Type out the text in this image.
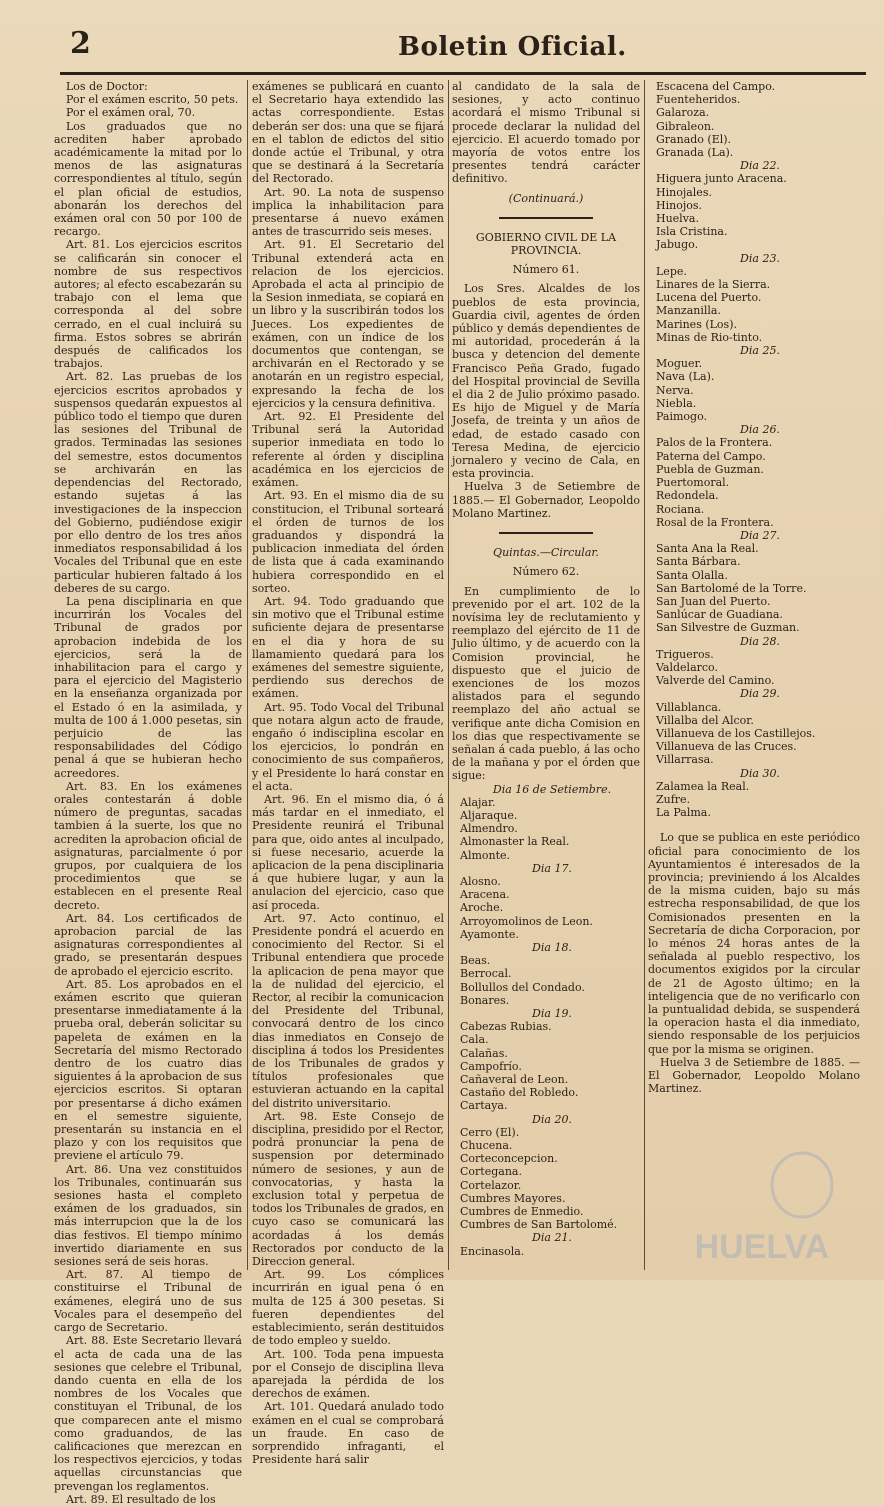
2	Boletin Oficial.

Los de Doctor:

Por el exámen escrito, 50 pets.

Por el exámen oral, 70.

Los graduados que no acrediten haber aprobado académicamente la mitad por lo menos de las asignaturas correspondientes al título, según el plan oficial de estudios, abonarán los derechos del exámen oral con 50 por 100 de recargo.

Art. 81. Los ejercicios escritos se calificarán sin conocer el nombre de sus respectivos autores; al efecto escabezarán su trabajo con el lema que corresponda al del sobre cerrado, en el cual incluirá su firma. Estos sobres se abrirán después de calificados los trabajos.

Art. 82. Las pruebas de los ejercicios escritos aprobados y suspensos quedarán expuestos al público todo el tiempo que duren las sesiones del Tribunal de grados. Terminadas las sesiones del semestre, estos documentos se archivarán en las dependencias del Rectorado, estando sujetas á las investigaciones de la inspeccion del Gobierno, pudiéndose exigir por ello dentro de los tres años inmediatos responsabilidad á los Vocales del Tribunal que en este particular hubieren faltado á los deberes de su cargo.

La pena disciplinaria en que incurrirán los Vocales del Tribunal de grados por aprobacion indebida de los ejercicios, será la de inhabilitacion para el cargo y para el ejercicio del Magisterio en la enseñanza organizada por el Estado ó en la asimilada, y multa de 100 á 1.000 pesetas, sin perjuicio de las responsabilidades del Código penal á que se hubieran hecho acreedores.

Art. 83. En los exámenes orales contestarán á doble número de preguntas, sacadas tambien á la suerte, los que no acrediten la aprobacion oficial de asignaturas, parcialmente ó por grupos, por cualquiera de los procedimientos que se establecen en el presente Real decreto.

Art. 84. Los certificados de aprobacion parcial de las asignaturas correspondientes al grado, se presentarán despues de aprobado el ejercicio escrito.

Art. 85. Los aprobados en el exámen escrito que quieran presentarse inmediatamente á la prueba oral, deberán solicitar su papeleta de exámen en la Secretaría del mismo Rectorado dentro de los cuatro dias siguientes á la aprobacion de sus ejercicios escritos. Si optaran por presentarse á dicho exámen en el semestre siguiente, presentarán su instancia en el plazo y con los requisitos que previene el artículo 79.

Art. 86. Una vez constituidos los Tribunales, continuarán sus sesiones hasta el completo exámen de los graduados, sin más interrupcion que la de los dias festivos. El tiempo mínimo invertido diariamente en sus sesiones será de seis horas.

Art. 87. Al tiempo de constituirse el Tribunal de exámenes, elegirá uno de sus Vocales para el desempeño del cargo de Secretario.

Art. 88. Este Secretario llevará el acta de cada una de las sesiones que celebre el Tribunal, dando cuenta en ella de los nombres de los Vocales que constituyan el Tribunal, de los que comparecen ante el mismo como graduandos, de las calificaciones que merezcan en los respectivos ejercicios, y todas aquellas circunstancias que prevengan los reglamentos.

Art. 89. El resultado de los

exámenes se publicará en cuanto el Secretario haya extendido las actas correspondiente. Estas deberán ser dos: una que se fijará en el tablon de edictos del sitio donde actúe el Tribunal, y otra que se destinará á la Secretaría del Rectorado.

Art. 90. La nota de suspenso implica la inhabilitacion para presentarse á nuevo exámen antes de trascurrido seis meses.

Art. 91. El Secretario del Tribunal extenderá acta en relacion de los ejercicios. Aprobada el acta al principio de la Sesion inmediata, se copiará en un libro y la suscribirán todos los Jueces. Los expedientes de exámen, con un índice de los documentos que contengan, se archivarán en el Rectorado y se anotarán en un registro especial, expresando la fecha de los ejercicios y la censura definitiva.

Art. 92. El Presidente del Tribunal será la Autoridad superior inmediata en todo lo referente al órden y disciplina académica en los ejercicios de exámen.

Art. 93. En el mismo dia de su constitucion, el Tribunal sorteará el órden de turnos de los graduandos y dispondrá la publicacion inmediata del órden de lista que á cada examinando hubiera correspondido en el sorteo.

Art. 94. Todo graduando que sin motivo que el Tribunal estime suficiente dejara de presentarse en el dia y hora de su llamamiento quedará para los exámenes del semestre siguiente, perdiendo sus derechos de exámen.

Art. 95. Todo Vocal del Tribunal que notara algun acto de fraude, engaño ó indisciplina escolar en los ejercicios, lo pondrán en conocimiento de sus compañeros, y el Presidente lo hará constar en el acta.

Art. 96. En el mismo dia, ó á más tardar en el inmediato, el Presidente reunirá el Tribunal para que, oido antes al inculpado, si fuese necesario, acuerde la aplicacion de la pena disciplinaria á que hubiere lugar, y aun la anulacion del ejercicio, caso que así proceda.

Art. 97. Acto continuo, el Presidente pondrá el acuerdo en conocimiento del Rector. Si el Tribunal entendiera que procede la aplicacion de pena mayor que la de nulidad del ejercicio, el Rector, al recibir la comunicacion del Presidente del Tribunal, convocará dentro de los cinco dias inmediatos en Consejo de disciplina á todos los Presidentes de los Tribunales de grados y títulos profesionales que estuvieran actuando en la capital del distrito universitario.

Art. 98. Este Consejo de disciplina, presidido por el Rector, podrá pronunciar la pena de suspension por determinado número de sesiones, y aun de convocatorias, y hasta la exclusion total y perpetua de todos los Tribunales de grados, en cuyo caso se comunicará las acordadas á los demás Rectorados por conducto de la Direccion general.

Art. 99. Los cómplices incurrirán en igual pena ó en multa de 125 á 300 pesetas. Si fueren dependientes del establecimiento, serán destituidos de todo empleo y sueldo.

Art. 100. Toda pena impuesta por el Consejo de disciplina lleva aparejada la pérdida de los derechos de exámen.

Art. 101. Quedará anulado todo exámen en el cual se comprobará un fraude. En caso de sorprendido infraganti, el Presidente hará salir

al candidato de la sala de sesiones, y acto continuo acordará el mismo Tribunal si procede declarar la nulidad del ejercicio. El acuerdo tomado por mayoría de votos entre los presentes tendrá carácter definitivo.

(Continuará.)

GOBIERNO CIVIL DE LA PROVINCIA.

Número 61.

Los Sres. Alcaldes de los pueblos de esta provincia, Guardia civil, agentes de órden público y demás dependientes de mi autoridad, procederán á la busca y detencion del demente Francisco Peña Grado, fugado del Hospital provincial de Sevilla el dia 2 de Julio próximo pasado. Es hijo de Miguel y de María Josefa, de treinta y un años de edad, de estado casado con Teresa Medina, de ejercicio jornalero y vecino de Cala, en esta provincia.

Huelva 3 de Setiembre de 1885.— El Gobernador, Leopoldo Molano Martinez.

Quintas.—Circular.

Número 62.

En cumplimiento de lo prevenido por el art. 102 de la novísima ley de reclutamiento y reemplazo del ejército de 11 de Julio último, y de acuerdo con la Comision provincial, he dispuesto que el juicio de exenciones de los mozos alistados para el segundo reemplazo del año actual se verifique ante dicha Comision en los dias que respectivamente se señalan á cada pueblo, á las ocho de la mañana y por el órden que sigue:

Dia 16 de Setiembre.

Alajar.

Aljaraque.

Almendro.

Almonaster la Real.

Almonte.

Dia 17.

Alosno.

Aracena.

Aroche.

Arroyomolinos de Leon.

Ayamonte.

Dia 18.

Beas.

Berrocal.

Bollullos del Condado.

Bonares.

Dia 19.

Cabezas Rubias.

Cala.

Calañas.

Campofrío.

Cañaveral de Leon.

Castaño del Robledo.

Cartaya.

Dia 20.

Cerro (El).

Chucena.

Corteconcepcion.

Cortegana.

Cortelazor.

Cumbres Mayores.

Cumbres de Enmedio.

Cumbres de San Bartolomé.

Dia 21.

Encinasola.

Escacena del Campo.

Fuenteheridos.

Galaroza.

Gibraleon.

Granado (El).

Granada (La).

Dia 22.

Higuera junto Aracena.

Hinojales.

Hinojos.

Huelva.

Isla Cristina.

Jabugo.

Dia 23.

Lepe.

Linares de la Sierra.

Lucena del Puerto.

Manzanilla.

Marines (Los).

Minas de Rio-tinto.

Dia 25.

Moguer.

Nava (La).

Nerva.

Niebla.

Paimogo.

Dia 26.

Palos de la Frontera.

Paterna del Campo.

Puebla de Guzman.

Puertomoral.

Redondela.

Rociana.

Rosal de la Frontera.

Dia 27.

Santa Ana la Real.

Santa Bárbara.

Santa Olalla.

San Bartolomé de la Torre.

San Juan del Puerto.

Sanlúcar de Guadiana.

San Silvestre de Guzman.

Dia 28.

Trigueros.

Valdelarco.

Valverde del Camino.

Dia 29.

Villablanca.

Villalba del Alcor.

Villanueva de los Castillejos.

Villanueva de las Cruces.

Villarrasa.

Dia 30.

Zalamea la Real.

Zufre.

La Palma.

Lo que se publica en este periódico oficial para conocimiento de los Ayuntamientos é interesados de la provincia; previniendo á los Alcaldes de la misma cuiden, bajo su más estrecha responsabilidad, de que los Comisionados presenten en la Secretaría de dicha Corporacion, por lo ménos 24 horas antes de la señalada al pueblo respectivo, los documentos exigidos por la circular de 21 de Agosto último; en la inteligencia que de no verificarlo con la puntualidad debida, se suspenderá la operacion hasta el dia inmediato, siendo responsable de los perjuicios que por la misma se originen.

Huelva 3 de Setiembre de 1885. —El Gobernador, Leopoldo Molano Martinez.

HUELVA
